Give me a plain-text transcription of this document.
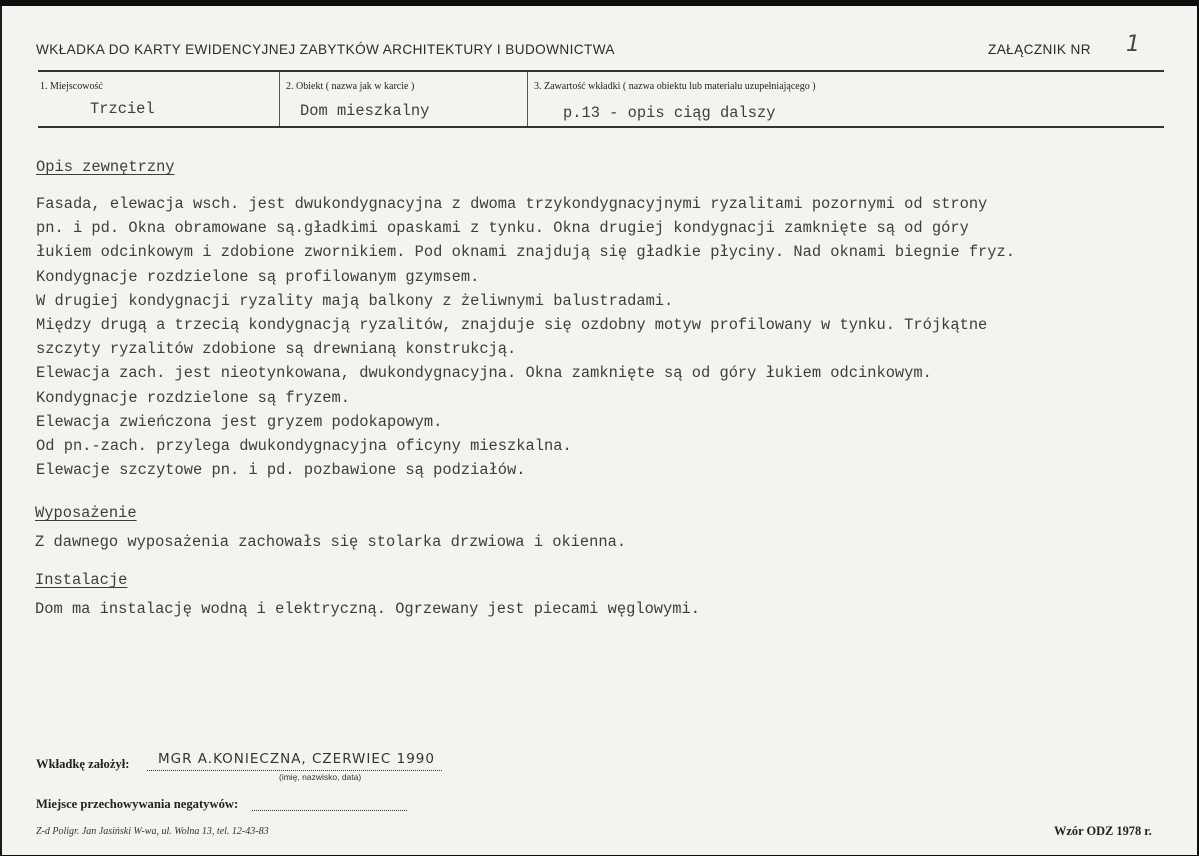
WKŁADKA DO KARTY EWIDENCYJNEJ ZABYTKÓW ARCHITEKTURY I BUDOWNICTWA	ZAŁĄCZNIK NR 1
1. Miejscowość	2. Obiekt ( nazwa jak w karcie )	3. Zawartość wkładki ( nazwa obiektu lub materiału uzupełniającego )
Trzciel	Dom mieszkalny	p.13 - opis ciąg dalszy
Opis zewnętrzny
Fasada, elewacja wsch. jest dwukondygnacyjna z dwoma trzykondygnacyjnymi ryzalitami pozornymi od strony
pn. i pd. Okna obramowane są.gładkimi opaskami z tynku. Okna drugiej kondygnacji zamknięte są od góry
łukiem odcinkowym i zdobione zwornikiem. Pod oknami znajdują się gładkie płyciny. Nad oknami biegnie fryz.
Kondygnacje rozdzielone są profilowanym gzymsem.
W drugiej kondygnacji ryzality mają balkony z żeliwnymi balustradami.
Między drugą a trzecią kondygnacją ryzalitów, znajduje się ozdobny motyw profilowany w tynku. Trójkątne
szczyty ryzalitów zdobione są drewnianą konstrukcją.
Elewacja zach. jest nieotynkowana, dwukondygnacyjna. Okna zamknięte są od góry łukiem odcinkowym.
Kondygnacje rozdzielone są fryzem.
Elewacja zwieńczona jest gryzem podokapowym.
Od pn.-zach. przylega dwukondygnacyjna oficyny mieszkalna.
Elewacje szczytowe pn. i pd. pozbawione są podziałów.
Wyposażenie
Z dawnego wyposażenia zachowałs się stolarka drzwiowa i okienna.
Instalacje
Dom ma instalację wodną i elektryczną. Ogrzewany jest piecami węglowymi.
Wkładkę założył: MGR A.KONIECZNA, CZERWIEC 1990
(imię, nazwisko, data)
Miejsce przechowywania negatywów:
Z-d Poligr. Jan Jasiński W-wa, ul. Wolna 13, tel. 12-43-83	Wzór ODZ 1978 r.
